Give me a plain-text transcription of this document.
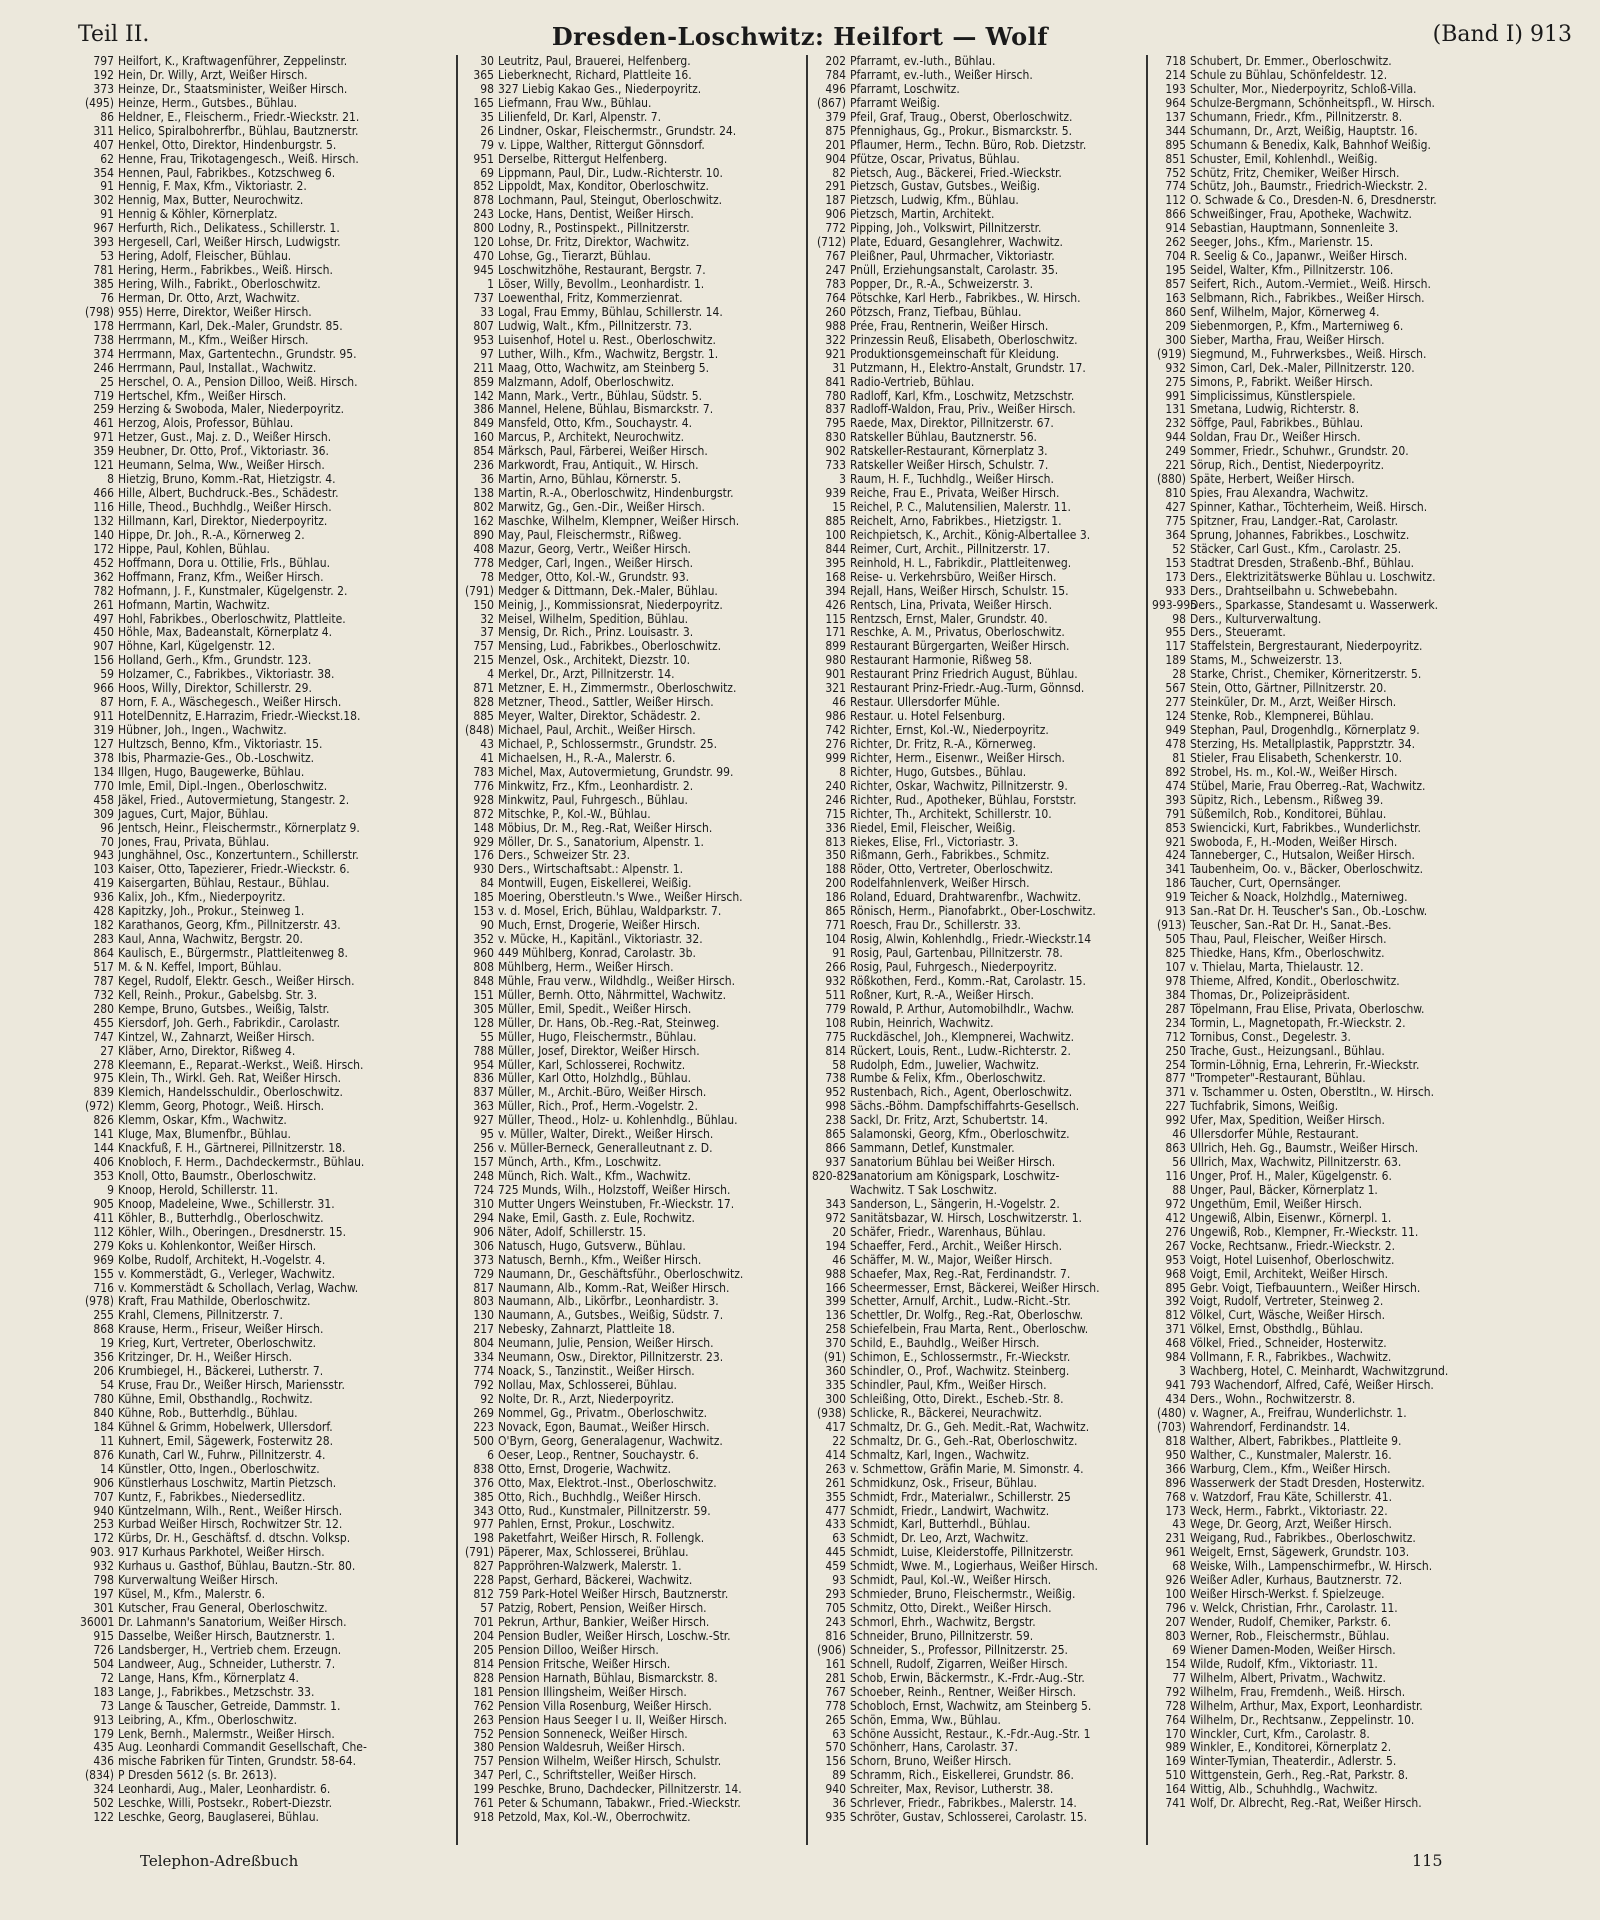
Teil II.	Dresden-Loschwitz: Heilfort — Wolf	(Band I) 913
797 Heilfort, K., Kraftwagenführer, Zeppelinstr.
192 Hein, Dr. Willy, Arzt, Weißer Hirsch.
373 Heinze, Dr., Staatsminister, Weißer Hirsch.
(495) Heinze, Herm., Gutsbes., Bühlau.
86 Heldner, E., Fleischerm., Friedr.-Wieckstr. 21.
311 Helico, Spiralbohrerfbr., Bühlau, Bautznerstr.
407 Henkel, Otto, Direktor, Hindenburgstr. 5.
62 Henne, Frau, Trikotagengesch., Weiß. Hirsch.
354 Hennen, Paul, Fabrikbes., Kotzschweg 6.
91 Hennig, F. Max, Kfm., Viktoriastr. 2.
302 Hennig, Max, Butter, Neurochwitz.
91 Hennig & Köhler, Körnerplatz.
967 Herfurth, Rich., Delikatess., Schillerstr. 1.
393 Hergesell, Carl, Weißer Hirsch, Ludwigstr.
53 Hering, Adolf, Fleischer, Bühlau.
781 Hering, Herm., Fabrikbes., Weiß. Hirsch.
385 Hering, Wilh., Fabrikt., Oberloschwitz.
76 Herman, Dr. Otto, Arzt, Wachwitz.
(798) 955) Herre, Direktor, Weißer Hirsch.
178 Herrmann, Karl, Dek.-Maler, Grundstr. 85.
738 Herrmann, M., Kfm., Weißer Hirsch.
374 Herrmann, Max, Gartentechn., Grundstr. 95.
246 Herrmann, Paul, Installat., Wachwitz.
25 Herschel, O. A., Pension Dilloo, Weiß. Hirsch.
719 Hertschel, Kfm., Weißer Hirsch.
259 Herzing & Swoboda, Maler, Niederpoyritz.
461 Herzog, Alois, Professor, Bühlau.
971 Hetzer, Gust., Maj. z. D., Weißer Hirsch.
359 Heubner, Dr. Otto, Prof., Viktoriastr. 36.
121 Heumann, Selma, Ww., Weißer Hirsch.
8 Hietzig, Bruno, Komm.-Rat, Hietzigstr. 4.
466 Hille, Albert, Buchdruck.-Bes., Schädestr.
116 Hille, Theod., Buchhdlg., Weißer Hirsch.
132 Hillmann, Karl, Direktor, Niederpoyritz.
140 Hippe, Dr. Joh., R.-A., Körnerweg 2.
172 Hippe, Paul, Kohlen, Bühlau.
452 Hoffmann, Dora u. Ottilie, Frls., Bühlau.
362 Hoffmann, Franz, Kfm., Weißer Hirsch.
782 Hofmann, J. F., Kunstmaler, Kügelgenstr. 2.
261 Hofmann, Martin, Wachwitz.
497 Hohl, Fabrikbes., Oberloschwitz, Plattleite.
450 Höhle, Max, Badeanstalt, Körnerplatz 4.
907 Höhne, Karl, Kügelgenstr. 12.
156 Holland, Gerh., Kfm., Grundstr. 123.
59 Holzamer, C., Fabrikbes., Viktoriastr. 38.
966 Hoos, Willy, Direktor, Schillerstr. 29.
87 Horn, F. A., Wäschegesch., Weißer Hirsch.
911 HotelDennitz, E.Harrazim, Friedr.-Wieckst.18.
319 Hübner, Joh., Ingen., Wachwitz.
127 Hultzsch, Benno, Kfm., Viktoriastr. 15.
378 Ibis, Pharmazie-Ges., Ob.-Loschwitz.
134 Illgen, Hugo, Baugewerke, Bühlau.
770 Imle, Emil, Dipl.-Ingen., Oberloschwitz.
458 Jäkel, Fried., Autovermietung, Stangestr. 2.
309 Jagues, Curt, Major, Bühlau.
96 Jentsch, Heinr., Fleischermstr., Körnerplatz 9.
70 Jones, Frau, Privata, Bühlau.
943 Junghähnel, Osc., Konzertuntern., Schillerstr.
103 Kaiser, Otto, Tapezierer, Friedr.-Wieckstr. 6.
419 Kaisergarten, Bühlau, Restaur., Bühlau.
936 Kalix, Joh., Kfm., Niederpoyritz.
428 Kapitzky, Joh., Prokur., Steinweg 1.
182 Karathanos, Georg, Kfm., Pillnitzerstr. 43.
283 Kaul, Anna, Wachwitz, Bergstr. 20.
864 Kaulisch, E., Bürgermstr., Plattleitenweg 8.
517 M. & N. Keffel, Import, Bühlau.
787 Kegel, Rudolf, Elektr. Gesch., Weißer Hirsch.
732 Kell, Reinh., Prokur., Gabelsbg. Str. 3.
280 Kempe, Bruno, Gutsbes., Weißig, Talstr.
455 Kiersdorf, Joh. Gerh., Fabrikdir., Carolastr.
747 Kintzel, W., Zahnarzt, Weißer Hirsch.
27 Kläber, Arno, Direktor, Rißweg 4.
278 Kleemann, E., Reparat.-Werkst., Weiß. Hirsch.
975 Klein, Th., Wirkl. Geh. Rat, Weißer Hirsch.
839 Klemich, Handelsschuldir., Oberloschwitz.
(972) Klemm, Georg, Photogr., Weiß. Hirsch.
826 Klemm, Oskar, Kfm., Wachwitz.
141 Kluge, Max, Blumenfbr., Bühlau.
144 Knackfuß, F. H., Gärtnerei, Pillnitzerstr. 18.
406 Knobloch, F. Herm., Dachdeckermstr., Bühlau.
353 Knoll, Otto, Baumstr., Oberloschwitz.
9 Knoop, Herold, Schillerstr. 11.
905 Knoop, Madeleine, Wwe., Schillerstr. 31.
411 Köhler, B., Butterhdlg., Oberloschwitz.
112 Köhler, Wilh., Oberingen., Dresdnerstr. 15.
279 Koks u. Kohlenkontor, Weißer Hirsch.
969 Kolbe, Rudolf, Architekt, H.-Vogelstr. 4.
155 v. Kommerstädt, G., Verleger, Wachwitz.
716 v. Kommerstädt & Schollach, Verlag, Wachw.
(978) Kraft, Frau Mathilde, Oberloschwitz.
255 Krahl, Clemens, Pillnitzerstr. 7.
868 Krause, Herm., Friseur, Weißer Hirsch.
19 Krieg, Kurt, Vertreter, Oberloschwitz.
356 Kritzinger, Dr. H., Weißer Hirsch.
206 Krumbiegel, H., Bäckerei, Lutherstr. 7.
54 Kruse, Frau Dr., Weißer Hirsch, Mariensstr.
780 Kühne, Emil, Obsthandlg., Rochwitz.
840 Kühne, Rob., Butterhdlg., Bühlau.
184 Kühnel & Grimm, Hobelwerk, Ullersdorf.
11 Kuhnert, Emil, Sägewerk, Fosterwitz 28.
876 Kunath, Carl W., Fuhrw., Pillnitzerstr. 4.
14 Künstler, Otto, Ingen., Oberloschwitz.
906 Künstlerhaus Loschwitz, Martin Pietzsch.
707 Kuntz, F., Fabrikbes., Niedersedlitz.
940 Küntzelmann, Wilh., Rent., Weißer Hirsch.
253 Kurbad Weißer Hirsch, Rochwitzer Str. 12.
172 Kürbs, Dr. H., Geschäftsf. d. dtschn. Volksp.
903. 917 Kurhaus Parkhotel, Weißer Hirsch.
932 Kurhaus u. Gasthof, Bühlau, Bautzn.-Str. 80.
798 Kurverwaltung Weißer Hirsch.
197 Küsel, M., Kfm., Malerstr. 6.
301 Kutscher, Frau General, Oberloschwitz.
36001 Dr. Lahmann's Sanatorium, Weißer Hirsch.
915 Dasselbe, Weißer Hirsch, Bautznerstr. 1.
726 Landsberger, H., Vertrieb chem. Erzeugn.
504 Landweer, Aug., Schneider, Lutherstr. 7.
72 Lange, Hans, Kfm., Körnerplatz 4.
183 Lange, J., Fabrikbes., Metzschstr. 33.
73 Lange & Tauscher, Getreide, Dammstr. 1.
913 Leibring, A., Kfm., Oberloschwitz.
179 Lenk, Bernh., Malermstr., Weißer Hirsch.
435 Aug. Leonhardi Commandit Gesellschaft, Che-
436 mische Fabriken für Tinten, Grundstr. 58-64.
(834) P Dresden 5612 (s. Br. 2613).
324 Leonhardi, Aug., Maler, Leonhardistr. 6.
502 Leschke, Willi, Postsekr., Robert-Diezstr.
122 Leschke, Georg, Baugl̈aserei, Bühlau.
30 Leutritz, Paul, Brauerei, Helfenberg.
365 Lieberknecht, Richard, Plattleite 16.
98 327 Liebig Kakao Ges., Niederpoyritz.
165 Liefmann, Frau Ww., Bühlau.
35 Lilienfeld, Dr. Karl, Alpenstr. 7.
26 Lindner, Oskar, Fleischermstr., Grundstr. 24.
79 v. Lippe, Walther, Rittergut Gönnsdorf.
951 Derselbe, Rittergut Helfenberg.
69 Lippmann, Paul, Dir., Ludw.-Richterstr. 10.
852 Lippoldt, Max, Konditor, Oberloschwitz.
878 Lochmann, Paul, Steingut, Oberloschwitz.
243 Locke, Hans, Dentist, Weißer Hirsch.
800 Lodny, R., Postinspekt., Pillnitzerstr.
120 Lohse, Dr. Fritz, Direktor, Wachwitz.
470 Lohse, Gg., Tierarzt, Bühlau.
945 Loschwitzhöhe, Restaurant, Bergstr. 7.
1 Löser, Willy, Bevollm., Leonhardistr. 1.
737 Loewenthal, Fritz, Kommerzienrat.
33 Logal, Frau Emmy, Bühlau, Schillerstr. 14.
807 Ludwig, Walt., Kfm., Pillnitzerstr. 73.
953 Luisenhof, Hotel u. Rest., Oberloschwitz.
97 Luther, Wilh., Kfm., Wachwitz, Bergstr. 1.
211 Maag, Otto, Wachwitz, am Steinberg 5.
859 Malzmann, Adolf, Oberloschwitz.
142 Mann, Mark., Vertr., Bühlau, Südstr. 5.
386 Mannel, Helene, Bühlau, Bismarckstr. 7.
849 Mansfeld, Otto, Kfm., Souchaystr. 4.
160 Marcus, P., Architekt, Neurochwitz.
854 Märksch, Paul, Färberei, Weißer Hirsch.
236 Markwordt, Frau, Antiquit., W. Hirsch.
36 Martin, Arno, Bühlau, Körnerstr. 5.
138 Martin, R.-A., Oberloschwitz, Hindenburgstr.
802 Marwitz, Gg., Gen.-Dir., Weißer Hirsch.
162 Maschke, Wilhelm, Klempner, Weißer Hirsch.
890 May, Paul, Fleischermstr., Rißweg.
408 Mazur, Georg, Vertr., Weißer Hirsch.
778 Medger, Carl, Ingen., Weißer Hirsch.
78 Medger, Otto, Kol.-W., Grundstr. 93.
(791) Medger & Dittmann, Dek.-Maler, Bühlau.
150 Meinig, J., Kommissionsrat, Niederpoyritz.
32 Meisel, Wilhelm, Spedition, Bühlau.
37 Mensig, Dr. Rich., Prinz. Louisastr. 3.
757 Mensing, Lud., Fabrikbes., Oberloschwitz.
215 Menzel, Osk., Architekt, Diezstr. 10.
4 Merkel, Dr., Arzt, Pillnitzerstr. 14.
871 Metzner, E. H., Zimmermstr., Oberloschwitz.
828 Metzner, Theod., Sattler, Weißer Hirsch.
885 Meyer, Walter, Direktor, Schädestr. 2.
(848) Michael, Paul, Archit., Weißer Hirsch.
43 Michael, P., Schlossermstr., Grundstr. 25.
41 Michaelsen, H., R.-A., Malerstr. 6.
783 Michel, Max, Autovermietung, Grundstr. 99.
776 Minkwitz, Frz., Kfm., Leonhardistr. 2.
928 Minkwitz, Paul, Fuhrgesch., Bühlau.
872 Mitschke, P., Kol.-W., Bühlau.
148 Möbius, Dr. M., Reg.-Rat, Weißer Hirsch.
929 Möller, Dr. S., Sanatorium, Alpenstr. 1.
176 Ders., Schweizer Str. 23.
930 Ders., Wirtschaftsabt.: Alpenstr. 1.
84 Montwill, Eugen, Eiskellerei, Weißig.
185 Moering, Oberstleutn.'s Wwe., Weißer Hirsch.
153 v. d. Mosel, Erich, Bühlau, Waldparkstr. 7.
90 Much, Ernst, Drogerie, Weißer Hirsch.
352 v. Mücke, H., Kapitänl., Viktoriastr. 32.
960 449 Mühlberg, Konrad, Carolastr. 3b.
808 Mühlberg, Herm., Weißer Hirsch.
848 Mühle, Frau verw., Wildhdlg., Weißer Hirsch.
151 Müller, Bernh. Otto, Nährmittel, Wachwitz.
305 Müller, Emil, Spedit., Weißer Hirsch.
128 Müller, Dr. Hans, Ob.-Reg.-Rat, Steinweg.
55 Müller, Hugo, Fleischermstr., Bühlau.
788 Müller, Josef, Direktor, Weißer Hirsch.
954 Müller, Karl, Schlosserei, Rochwitz.
836 Müller, Karl Otto, Holzhdlg., Bühlau.
837 Müller, M., Archit.-Büro, Weißer Hirsch.
363 Müller, Rich., Prof., Herm.-Vogelstr. 2.
927 Müller, Theod., Holz- u. Kohlenhdlg., Bühlau.
95 v. Müller, Walter, Direkt., Weißer Hirsch.
256 v. Müller-Berneck, Generalleutnant z. D.
157 Münch, Arth., Kfm., Loschwitz.
248 Münch, Rich. Walt., Kfm., Wachwitz.
724 725 Munds, Wilh., Holzstoff, Weißer Hirsch.
310 Mutter Ungers Weinstuben, Fr.-Wieckstr. 17.
294 Nake, Emil, Gasth. z. Eule, Rochwitz.
906 Näter, Adolf, Schillerstr. 15.
306 Natusch, Hugo, Gutsverw., Bühlau.
373 Natusch, Bernh., Kfm., Weißer Hirsch.
729 Naumann, Dr., Geschäftsführ., Oberloschwitz.
817 Naumann, Alb., Komm.-Rat, Weißer Hirsch.
803 Naumann, Alb., Likörfbr., Leonhardistr. 3.
130 Naumann, A., Gutsbes., Weißig, Südstr. 7.
217 Nebesky, Zahnarzt, Plattleite 18.
804 Neumann, Julie, Pension, Weißer Hirsch.
334 Neumann, Osw., Direktor, Pillnitzerstr. 23.
774 Noack, S., Tanzinstit., Weißer Hirsch.
792 Nollau, Max, Schlosserei, Bühlau.
92 Nolte, Dr. R., Arzt, Niederpoyritz.
269 Nommel, Gg., Privatm., Oberloschwitz.
223 Novack, Egon, Baumat., Weißer Hirsch.
500 O'Byrn, Georg, Generalagenur, Wachwitz.
6 Oeser, Leop., Rentner, Souchaystr. 6.
838 Otto, Ernst, Drogerie, Wachwitz.
376 Otto, Max, Elektrot.-Inst., Oberloschwitz.
385 Otto, Rich., Buchhdlg., Weißer Hirsch.
343 Otto, Rud., Kunstmaler, Pillnitzerstr. 59.
977 Pahlen, Ernst, Prokur., Loschwitz.
198 Paketfahrt, Weißer Hirsch, R. Follengk.
(791) Päperer, Max, Schlosserei, Brühlau.
827 Pappröhren-Walzwerk, Malerstr. 1.
228 Papst, Gerhard, Bäckerei, Wachwitz.
812 759 Park-Hotel Weißer Hirsch, Bautznerstr.
57 Patzig, Robert, Pension, Weißer Hirsch.
701 Pekrun, Arthur, Bankier, Weißer Hirsch.
204 Pension Budler, Weißer Hirsch, Loschw.-Str.
205 Pension Dilloo, Weißer Hirsch.
814 Pension Fritsche, Weißer Hirsch.
828 Pension Harnath, Bühlau, Bismarckstr. 8.
181 Pension Illingsheim, Weißer Hirsch.
762 Pension Villa Rosenburg, Weißer Hirsch.
263 Pension Haus Seeger I u. II, Weißer Hirsch.
752 Pension Sonneneck, Weißer Hirsch.
380 Pension Waldesruh, Weißer Hirsch.
757 Pension Wilhelm, Weißer Hirsch, Schulstr.
347 Perl, C., Schriftsteller, Weißer Hirsch.
199 Peschke, Bruno, Dachdecker, Pillnitzerstr. 14.
761 Peter & Schumann, Tabakwr., Fried.-Wieckstr.
918 Petzold, Max, Kol.-W., Oberrochwitz.
202 Pfarramt, ev.-luth., Bühlau.
784 Pfarramt, ev.-luth., Weißer Hirsch.
496 Pfarramt, Loschwitz.
(867) Pfarramt Weißig.
379 Pfeil, Graf, Traug., Oberst, Oberloschwitz.
875 Pfennighaus, Gg., Prokur., Bismarckstr. 5.
201 Pflaumer, Herm., Techn. Büro, Rob. Dietzstr.
904 Pfütze, Oscar, Privatus, Bühlau.
82 Pietsch, Aug., Bäckerei, Fried.-Wieckstr.
291 Pietzsch, Gustav, Gutsbes., Weißig.
187 Pietzsch, Ludwig, Kfm., Bühlau.
906 Pietzsch, Martin, Architekt.
772 Pipping, Joh., Volkswirt, Pillnitzerstr.
(712) Plate, Eduard, Gesanglehrer, Wachwitz.
767 Pleißner, Paul, Uhrmacher, Viktoriastr.
247 Pnüll, Erziehungsanstalt, Carolastr. 35.
783 Popper, Dr., R.-A., Schweizerstr. 3.
764 Pötschke, Karl Herb., Fabrikbes., W. Hirsch.
260 Pötzsch, Franz, Tiefbau, Bühlau.
988 Prée, Frau, Rentnerin, Weißer Hirsch.
322 Prinzessin Reuß, Elisabeth, Oberloschwitz.
921 Produktionsgemeinschaft für Kleidung.
31 Putzmann, H., Elektro-Anstalt, Grundstr. 17.
841 Radio-Vertrieb, Bühlau.
780 Radloff, Karl, Kfm., Loschwitz, Metzschstr.
837 Radloff-Waldon, Frau, Priv., Weißer Hirsch.
795 Raede, Max, Direktor, Pillnitzerstr. 67.
830 Ratskeller Bühlau, Bautznerstr. 56.
902 Ratskeller-Restaurant, Körnerplatz 3.
733 Ratskeller Weißer Hirsch, Schulstr. 7.
3 Raum, H. F., Tuchhdlg., Weißer Hirsch.
939 Reiche, Frau E., Privata, Weißer Hirsch.
15 Reichel, P. C., Malutensilien, Malerstr. 11.
885 Reichelt, Arno, Fabrikbes., Hietzigstr. 1.
100 Reichpietsch, K., Archit., König-Albertallee 3.
844 Reimer, Curt, Archit., Pillnitzerstr. 17.
395 Reinhold, H. L., Fabrikdir., Plattleitenweg.
168 Reise- u. Verkehrsbüro, Weißer Hirsch.
394 Rejall, Hans, Weißer Hirsch, Schulstr. 15.
426 Rentsch, Lina, Privata, Weißer Hirsch.
115 Rentzsch, Ernst, Maler, Grundstr. 40.
171 Reschke, A. M., Privatus, Oberloschwitz.
899 Restaurant Bürgergarten, Weißer Hirsch.
980 Restaurant Harmonie, Rißweg 58.
901 Restaurant Prinz Friedrich August, Bühlau.
321 Restaurant Prinz-Friedr.-Aug.-Turm, Gönnsd.
46 Restaur. Ullersdorfer Mühle.
986 Restaur. u. Hotel Felsenburg.
742 Richter, Ernst, Kol.-W., Niederpoyritz.
276 Richter, Dr. Fritz, R.-A., Körnerweg.
999 Richter, Herm., Eisenwr., Weißer Hirsch.
8 Richter, Hugo, Gutsbes., Bühlau.
240 Richter, Oskar, Wachwitz, Pillnitzerstr. 9.
246 Richter, Rud., Apotheker, Bühlau, Forststr.
715 Richter, Th., Architekt, Schillerstr. 10.
336 Riedel, Emil, Fleischer, Weißig.
813 Riekes, Elise, Frl., Victoriastr. 3.
350 Rißmann, Gerh., Fabrikbes., Schmitz.
188 Röder, Otto, Vertreter, Oberloschwitz.
200 Rodelfahnlenverk, Weißer Hirsch.
186 Roland, Eduard, Drahtwarenfbr., Wachwitz.
865 Rönisch, Herm., Pianofabrkt., Ober-Loschwitz.
771 Roesch, Frau Dr., Schillerstr. 33.
104 Rosig, Alwin, Kohlenhdlg., Friedr.-Wieckstr.14
91 Rosig, Paul, Gartenbau, Pillnitzerstr. 78.
266 Rosig, Paul, Fuhrgesch., Niederpoyritz.
932 Rößkothen, Ferd., Komm.-Rat, Carolastr. 15.
511 Roßner, Kurt, R.-A., Weißer Hirsch.
779 Rowald, P. Arthur, Automobilhdlr., Wachw.
108 Rubin, Heinrich, Wachwitz.
775 Ruckdäschel, Joh., Klempnerei, Wachwitz.
814 Rückert, Louis, Rent., Ludw.-Richterstr. 2.
58 Rudolph, Edm., Juwelier, Wachwitz.
738 Rumbe & Felix, Kfm., Oberloschwitz.
952 Rustenbach, Rich., Agent, Oberloschwitz.
998 Sächs.-Böhm. Dampfschiffahrts-Gesellsch.
238 Sackl, Dr. Fritz, Arzt, Schubertstr. 14.
865 Salamonski, Georg, Kfm., Oberloschwitz.
866 Sammann, Detlef, Kunstmaler.
937 Sanatorium Bühlau bei Weißer Hirsch.
820-823
Sanatorium am Königspark, Loschwitz-
Wachwitz. T Sak Loschwitz.
343 Sanderson, L., Sängerin, H.-Vogelstr. 2.
972 Sanitätsbazar, W. Hirsch, Loschwitzerstr. 1.
20 Schäfer, Friedr., Warenhaus, Bühlau.
194 Schaeffer, Ferd., Archit., Weißer Hirsch.
46 Schäffer, M. W., Major, Weißer Hirsch.
988 Schaefer, Max, Reg.-Rat, Ferdinandstr. 7.
166 Scheermesser, Ernst, Bäckerei, Weißer Hirsch.
399 Schetter, Arnulf, Archit., Ludw.-Richt.-Str.
136 Schettler, Dr. Wolfg., Reg.-Rat, Oberloschw.
258 Schiefelbein, Frau Marta, Rent., Oberloschw.
370 Schild, E., Bauhdlg., Weißer Hirsch.
(91) Schimon, E., Schlossermstr., Fr.-Wieckstr.
360 Schindler, O., Prof., Wachwitz. Steinberg.
335 Schindler, Paul, Kfm., Weißer Hirsch.
300 Schleißing, Otto, Direkt., Escheb.-Str. 8.
(938) Schlicke, R., Bäckerei, Neurachwitz.
417 Schmaltz, Dr. G., Geh. Medit.-Rat, Wachwitz.
22 Schmaltz, Dr. G., Geh.-Rat, Oberloschwitz.
414 Schmaltz, Karl, Ingen., Wachwitz.
263 v. Schmettow, Gräfin Marie, M. Simonstr. 4.
261 Schmidkunz, Osk., Friseur, Bühlau.
355 Schmidt, Frdr., Materialwr., Schillerstr. 25
477 Schmidt, Friedr., Landwirt, Wachwitz.
433 Schmidt, Karl, Butterhdl., Bühlau.
63 Schmidt, Dr. Leo, Arzt, Wachwitz.
445 Schmidt, Luise, Kleiderstoffe, Pillnitzerstr.
459 Schmidt, Wwe. M., Logierhaus, Weißer Hirsch.
93 Schmidt, Paul, Kol.-W., Weißer Hirsch.
293 Schmieder, Bruno, Fleischermstr., Weißig.
705 Schmitz, Otto, Direkt., Weißer Hirsch.
243 Schmorl, Ehrh., Wachwitz, Bergstr.
816 Schneider, Bruno, Pillnitzerstr. 59.
(906) Schneider, S., Professor, Pillnitzerstr. 25.
161 Schnell, Rudolf, Zigarren, Weißer Hirsch.
281 Schob, Erwin, Bäckermstr., K.-Frdr.-Aug.-Str.
767 Schoeber, Reinh., Rentner, Weißer Hirsch.
778 Schobloch, Ernst, Wachwitz, am Steinberg 5.
265 Schön, Emma, Ww., Bühlau.
63 Schöne Aussicht, Restaur., K.-Fdr.-Aug.-Str. 1
570 Schönherr, Hans, Carolastr. 37.
156 Schorn, Bruno, Weißer Hirsch.
89 Schramm, Rich., Eiskellerei, Grundstr. 86.
940 Schreiter, Max, Revisor, Lutherstr. 38.
36 Schrlever, Friedr., Fabrikbes., Malerstr. 14.
935 Schröter, Gustav, Schlosserei, Carolastr. 15.
718 Schubert, Dr. Emmer., Oberloschwitz.
214 Schule zu Bühlau, Schönfeldestr. 12.
193 Schulter, Mor., Niederpoyritz, Schloß-Villa.
964 Schulze-Bergmann, Schönheitspfl., W. Hirsch.
137 Schumann, Friedr., Kfm., Pillnitzerstr. 8.
344 Schumann, Dr., Arzt, Weißig, Hauptstr. 16.
895 Schumann & Benedix, Kalk, Bahnhof Weißig.
851 Schuster, Emil, Kohlenhdl., Weißig.
752 Schütz, Fritz, Chemiker, Weißer Hirsch.
774 Schütz, Joh., Baumstr., Friedrich-Wieckstr. 2.
112 O. Schwade & Co., Dresden-N. 6, Dresdnerstr.
866 Schweißinger, Frau, Apotheke, Wachwitz.
914 Sebastian, Hauptmann, Sonnenleite 3.
262 Seeger, Johs., Kfm., Marienstr. 15.
704 R. Seelig & Co., Japanwr., Weißer Hirsch.
195 Seidel, Walter, Kfm., Pillnitzerstr. 106.
857 Seifert, Rich., Autom.-Vermiet., Weiß. Hirsch.
163 Selbmann, Rich., Fabrikbes., Weißer Hirsch.
860 Senf, Wilhelm, Major, Körnerweg 4.
209 Siebenmorgen, P., Kfm., Marterniweg 6.
300 Sieber, Martha, Frau, Weißer Hirsch.
(919) Siegmund, M., Fuhrwerksbes., Weiß. Hirsch.
932 Simon, Carl, Dek.-Maler, Pillnitzerstr. 120.
275 Simons, P., Fabrikt. Weißer Hirsch.
991 Simplicissimus, Künstlerspiele.
131 Smetana, Ludwig, Richterstr. 8.
232 Söffge, Paul, Fabrikbes., Bühlau.
944 Soldan, Frau Dr., Weißer Hirsch.
249 Sommer, Friedr., Schuhwr., Grundstr. 20.
221 Sörup, Rich., Dentist, Niederpoyritz.
(880) Späte, Herbert, Weißer Hirsch.
810 Spies, Frau Alexandra, Wachwitz.
427 Spinner, Kathar., Töchterheim, Weiß. Hirsch.
775 Spitzner, Frau, Landger.-Rat, Carolastr.
364 Sprung, Johannes, Fabrikbes., Loschwitz.
52 Stäcker, Carl Gust., Kfm., Carolastr. 25.
153 Stadtrat Dresden, Straßenb.-Bhf., Bühlau.
173 Ders., Elektrizitätswerke Bühlau u. Loschwitz.
933 Ders., Drahtseilbahn u. Schwebebahn.
993-995
Ders., Sparkasse, Standesamt u. Wasserwerk.
98 Ders., Kulturverwaltung.
955 Ders., Steueramt.
117 Staffelstein, Bergrestaurant, Niederpoyritz.
189 Stams, M., Schweizerstr. 13.
28 Starke, Christ., Chemiker, Körneritzerstr. 5.
567 Stein, Otto, Gärtner, Pillnitzerstr. 20.
277 Steinküler, Dr. M., Arzt, Weißer Hirsch.
124 Stenke, Rob., Klempnerei, Bühlau.
949 Stephan, Paul, Drogenhdlg., Körnerplatz 9.
478 Sterzing, Hs. Metallplastik, Papprstztr. 34.
81 Stieler, Frau Elisabeth, Schenkerstr. 10.
892 Strobel, Hs. m., Kol.-W., Weißer Hirsch.
474 Stübel, Marie, Frau Oberreg.-Rat, Wachwitz.
393 Süpitz, Rich., Lebensm., Rißweg 39.
791 Süßemilch, Rob., Konditorei, Bühlau.
853 Swiencicki, Kurt, Fabrikbes., Wunderlichstr.
921 Swoboda, F., H.-Moden, Weißer Hirsch.
424 Tanneberger, C., Hutsalon, Weißer Hirsch.
341 Taubenheim, Oo. v., Bäcker, Oberloschwitz.
186 Taucher, Curt, Opernsänger.
919 Teicher & Noack, Holzhdlg., Materniweg.
913 San.-Rat Dr. H. Teuscher's San., Ob.-Loschw.
(913) Teuscher, San.-Rat Dr. H., Sanat.-Bes.
505 Thau, Paul, Fleischer, Weißer Hirsch.
825 Thiedke, Hans, Kfm., Oberloschwitz.
107 v. Thielau, Marta, Thielaustr. 12.
978 Thieme, Alfred, Kondit., Oberloschwitz.
384 Thomas, Dr., Polizeipräsident.
287 Töpelmann, Frau Elise, Privata, Oberloschw.
234 Tormin, L., Magnetopath, Fr.-Wieckstr. 2.
712 Tornibus, Const., Degelestr. 3.
250 Trache, Gust., Heizungsanl., Bühlau.
254 Tormin-Löhnig, Erna, Lehrerin, Fr.-Wieckstr.
877 "Trompeter"-Restaurant, Bühlau.
371 v. Tschammer u. Osten, Oberstltn., W. Hirsch.
227 Tuchfabrik, Simons, Weißig.
992 Ufer, Max, Spedition, Weißer Hirsch.
46 Ullersdorfer Mühle, Restaurant.
863 Ullrich, Heh. Gg., Baumstr., Weißer Hirsch.
56 Ullrich, Max, Wachwitz, Pillnitzerstr. 63.
116 Unger, Prof. H., Maler, Kügelgenstr. 6.
88 Unger, Paul, Bäcker, Körnerplatz 1.
972 Ungethüm, Emil, Weißer Hirsch.
412 Ungewiß, Albin, Eisenwr., Körnerpl. 1.
276 Ungewiß, Rob., Klempner, Fr.-Wieckstr. 11.
267 Vocke, Rechtsanw., Friedr.-Wieckstr. 2.
953 Voigt, Hotel Luisenhof, Oberloschwitz.
968 Voigt, Emil, Architekt, Weißer Hirsch.
895 Gebr. Voigt, Tiefbauuntern., Weißer Hirsch.
392 Voigt, Rudolf, Vertreter, Steinweg 2.
812 Völkel, Curt, Wäsche, Weißer Hirsch.
371 Völkel, Ernst, Obsthdlg., Bühlau.
468 Völkel, Fried., Schneider, Hosterwitz.
984 Vollmann, F. R., Fabrikbes., Wachwitz.
3 Wachberg, Hotel, C. Meinhardt, Wachwitzgrund.
941 793 Wachendorf, Alfred, Café, Weißer Hirsch.
434 Ders., Wohn., Rochwitzerstr. 8.
(480) v. Wagner, A., Freifrau, Wunderlichstr. 1.
(703) Wahrendorf, Ferdinandstr. 14.
818 Walther, Albert, Fabrikbes., Plattleite 9.
950 Walther, C., Kunstmaler, Malerstr. 16.
366 Warburg, Clem., Kfm., Weißer Hirsch.
896 Wasserwerk der Stadt Dresden, Hosterwitz.
768 v. Watzdorf, Frau Käte, Schillerstr. 41.
173 Weck, Herm., Fabrkt., Viktoriastr. 22.
43 Wege, Dr. Georg, Arzt, Weißer Hirsch.
231 Weigang, Rud., Fabrikbes., Oberloschwitz.
961 Weigelt, Ernst, Sägewerk, Grundstr. 103.
68 Weiske, Wilh., Lampenschirmefbr., W. Hirsch.
926 Weißer Adler, Kurhaus, Bautznerstr. 72.
100 Weißer Hirsch-Werkst. f. Spielzeuge.
796 v. Welck, Christian, Frhr., Carolastr. 11.
207 Wender, Rudolf, Chemiker, Parkstr. 6.
803 Werner, Rob., Fleischermstr., Bühlau.
69 Wiener Damen-Moden, Weißer Hirsch.
154 Wilde, Rudolf, Kfm., Viktoriastr. 11.
77 Wilhelm, Albert, Privatm., Wachwitz.
792 Wilhelm, Frau, Fremdenh., Weiß. Hirsch.
728 Wilhelm, Arthur, Max, Export, Leonhardistr.
764 Wilhelm, Dr., Rechtsanw., Zeppelinstr. 10.
170 Winckler, Curt, Kfm., Carolastr. 8.
989 Winkler, E., Konditorei, Körnerplatz 2.
169 Winter-Tymian, Theaterdir., Adlerstr. 5.
510 Wittgenstein, Gerh., Reg.-Rat, Parkstr. 8.
164 Wittig, Alb., Schuhhdlg., Wachwitz.
741 Wolf, Dr. Albrecht, Reg.-Rat, Weißer Hirsch.
Telephon-Adreßbuch	115
